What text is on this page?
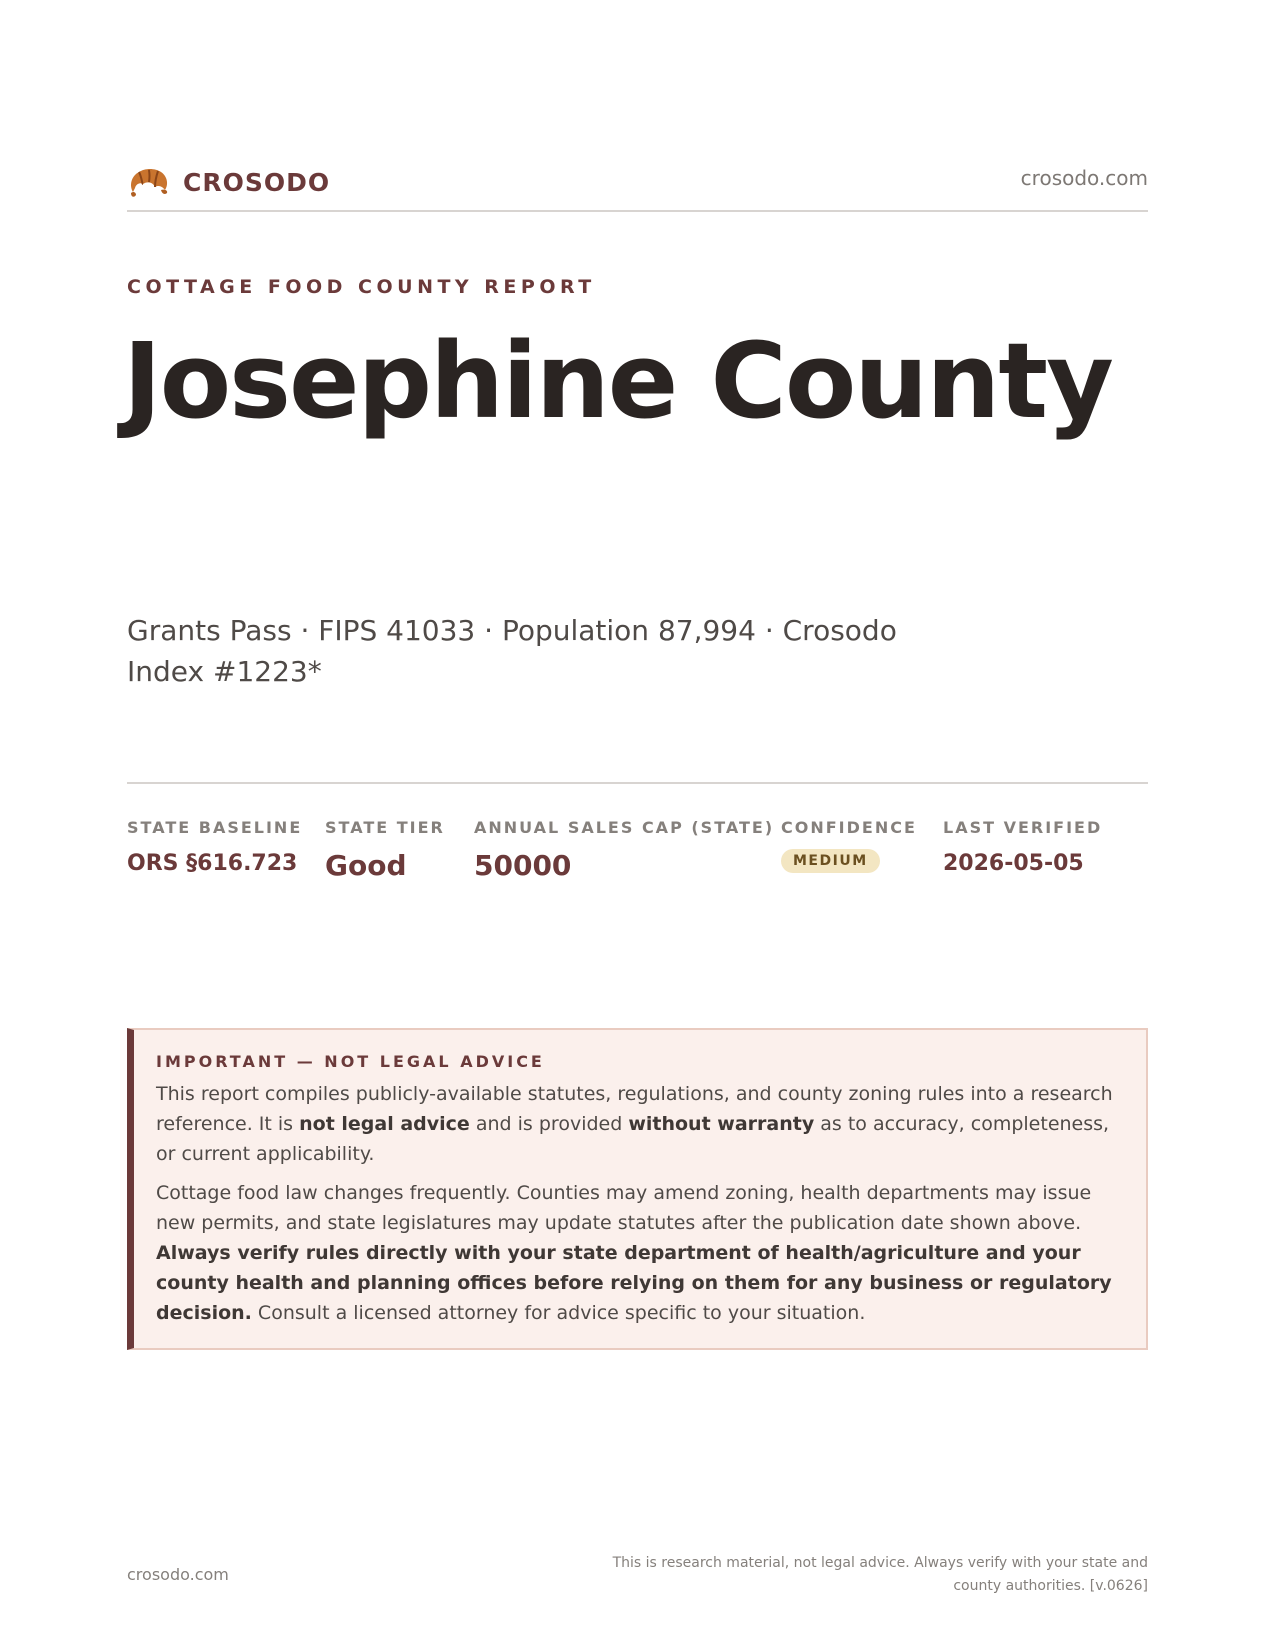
CROSODO	crosodo.com
COTTAGE FOOD COUNTY REPORT
Josephine County
Grants Pass · FIPS 41033 · Population 87,994 · Crosodo Index #1223*
STATE BASELINE
ORS §616.723
STATE TIER
Good
ANNUAL SALES CAP (STATE)
50000
CONFIDENCE
MEDIUM
LAST VERIFIED
2026-05-05
IMPORTANT — NOT LEGAL ADVICE

This report compiles publicly-available statutes, regulations, and county zoning rules into a research reference. It is not legal advice and is provided without warranty as to accuracy, completeness, or current applicability.

Cottage food law changes frequently. Counties may amend zoning, health departments may issue new permits, and state legislatures may update statutes after the publication date shown above. Always verify rules directly with your state department of health/agriculture and your county health and planning offices before relying on them for any business or regulatory decision. Consult a licensed attorney for advice specific to your situation.

crosodo.com
This is research material, not legal advice. Always verify with your state and county authorities. [v.0626]
